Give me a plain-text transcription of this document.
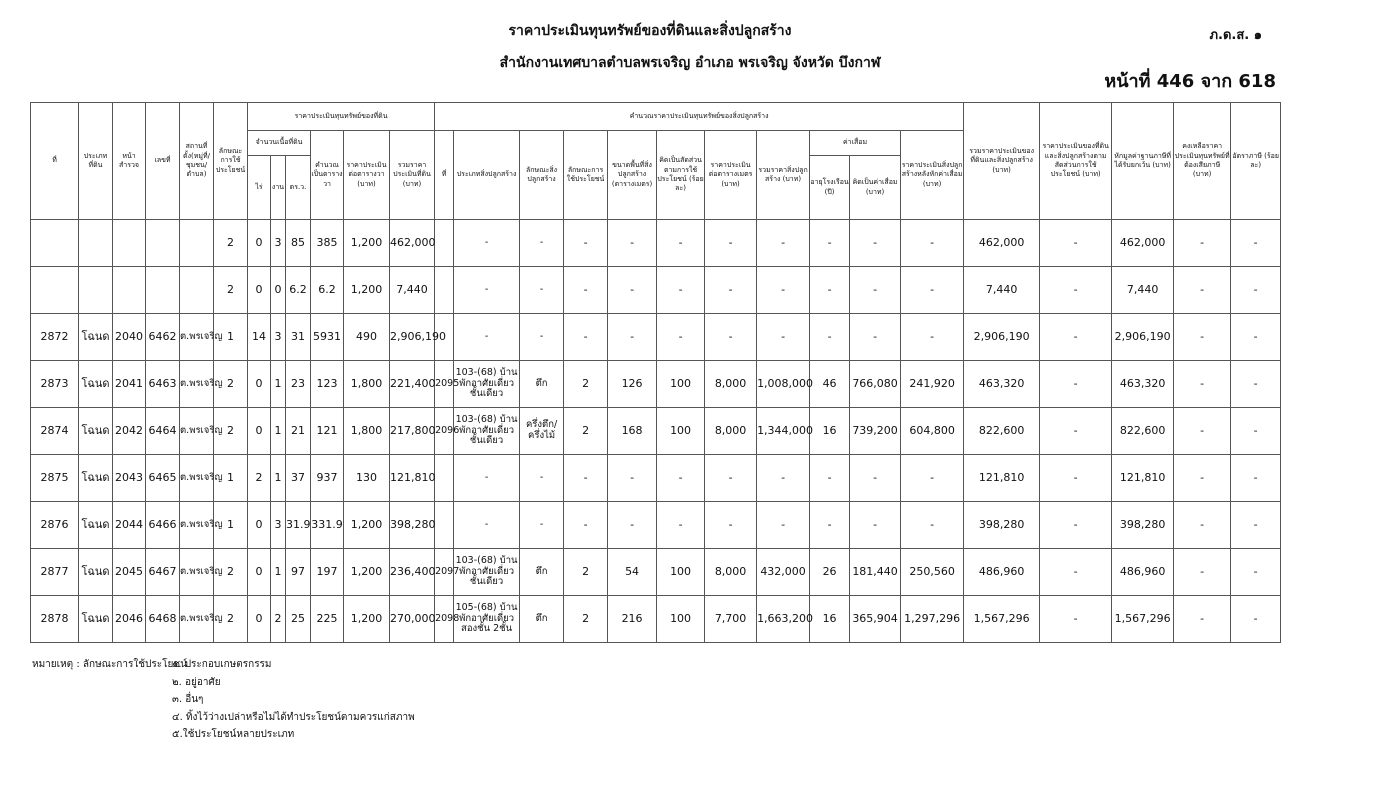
ราคาประเมินทุนทรัพย์ของที่ดินและสิ่งปลูกสร้าง
สำนักงานเทศบาลตำบลพรเจริญ อำเภอ พรเจริญ จังหวัด บึงกาฬ
ภ.ด.ส. ๑
หน้าที่ 446 จาก 618
ที่	ประเภทที่ดิน	หน้าสำรวจ	เลขที่	สถานที่ตั้ง(หมู่ที่/ชุมชน/ตำบล)	ลักษณะการใช้ประโยชน์	ราคาประเมินทุนทรัพย์ของที่ดิน						คำนวณราคาประเมินทุนทรัพย์ของสิ่งปลูกสร้าง											รวมราคาประเมินของที่ดินและสิ่งปลูกสร้าง (บาท)	ราคาประเมินของที่ดินและสิ่งปลูกสร้างตามสัดส่วนการใช้ประโยชน์ (บาท)	หักมูลค่าฐานภาษีที่ได้รับยกเว้น (บาท)	คงเหลือราคาประเมินทุนทรัพย์ที่ต้องเสียภาษี (บาท)	อัตราภาษี (ร้อยละ)
						จำนวนเนื้อที่ดิน			คำนวณเป็นตารางวา	ราคาประเมินต่อตารางวา (บาท)	รวมราคาประเมินที่ดิน (บาท)	ที่	ประเภทสิ่งปลูกสร้าง	ลักษณะสิ่งปลูกสร้าง	ลักษณะการใช้ประโยชน์	ขนาดพื้นที่สิ่งปลูกสร้าง (ตารางเมตร)	คิดเป็นสัดส่วนตามการใช้ประโยชน์ (ร้อยละ)	ราคาประเมินต่อตารางเมตร (บาท)	รวมราคาสิ่งปลูกสร้าง (บาท)	ค่าเสื่อม		ราคาประเมินสิ่งปลูกสร้างหลังหักค่าเสื่อม (บาท)					
						ไร่	งาน	ตร.ว.												อายุโรงเรือน (ปี)	คิดเป็นค่าเสื่อม (บาท)						
					2	0	3	85	385	1,200	462,000		-	-	-	-	-	-	-	-	-	-	462,000	-	462,000	-	-
					2	0	0	6.2	6.2	1,200	7,440		-	-	-	-	-	-	-	-	-	-	7,440	-	7,440	-	-
2872	โฉนด	2040	6462	ต.พรเจริญ	1	14	3	31	5931	490	2,906,190		-	-	-	-	-	-	-	-	-	-	2,906,190	-	2,906,190	-	-
2873	โฉนด	2041	6463	ต.พรเจริญ	2	0	1	23	123	1,800	221,400	2095	103-(68) บ้านพักอาศัยเดี่ยวชั้นเดียว	ตึก	2	126	100	8,000	1,008,000	46	766,080	241,920	463,320	-	463,320	-	-
2874	โฉนด	2042	6464	ต.พรเจริญ	2	0	1	21	121	1,800	217,800	2096	103-(68) บ้านพักอาศัยเดี่ยวชั้นเดียว	ครึ่งตึก/ครึ่งไม้	2	168	100	8,000	1,344,000	16	739,200	604,800	822,600	-	822,600	-	-
2875	โฉนด	2043	6465	ต.พรเจริญ	1	2	1	37	937	130	121,810		-	-	-	-	-	-	-	-	-	-	121,810	-	121,810	-	-
2876	โฉนด	2044	6466	ต.พรเจริญ	1	0	3	31.9	331.9	1,200	398,280		-	-	-	-	-	-	-	-	-	-	398,280	-	398,280	-	-
2877	โฉนด	2045	6467	ต.พรเจริญ	2	0	1	97	197	1,200	236,400	2097	103-(68) บ้านพักอาศัยเดี่ยวชั้นเดียว	ตึก	2	54	100	8,000	432,000	26	181,440	250,560	486,960	-	486,960	-	-
2878	โฉนด	2046	6468	ต.พรเจริญ	2	0	2	25	225	1,200	270,000	2098	105-(68) บ้านพักอาศัยเดี่ยวสองชั้น 2ชั้น	ตึก	2	216	100	7,700	1,663,200	16	365,904	1,297,296	1,567,296	-	1,567,296	-	-
หมายเหตุ : ลักษณะการใช้ประโยชน์
๑. ประกอบเกษตรกรรม
๒. อยู่อาศัย
๓. อื่นๆ
๔. ทิ้งไว้ว่างเปล่าหรือไม่ได้ทำประโยชน์ตามควรแก่สภาพ
๕.ใช้ประโยชน์หลายประเภท
